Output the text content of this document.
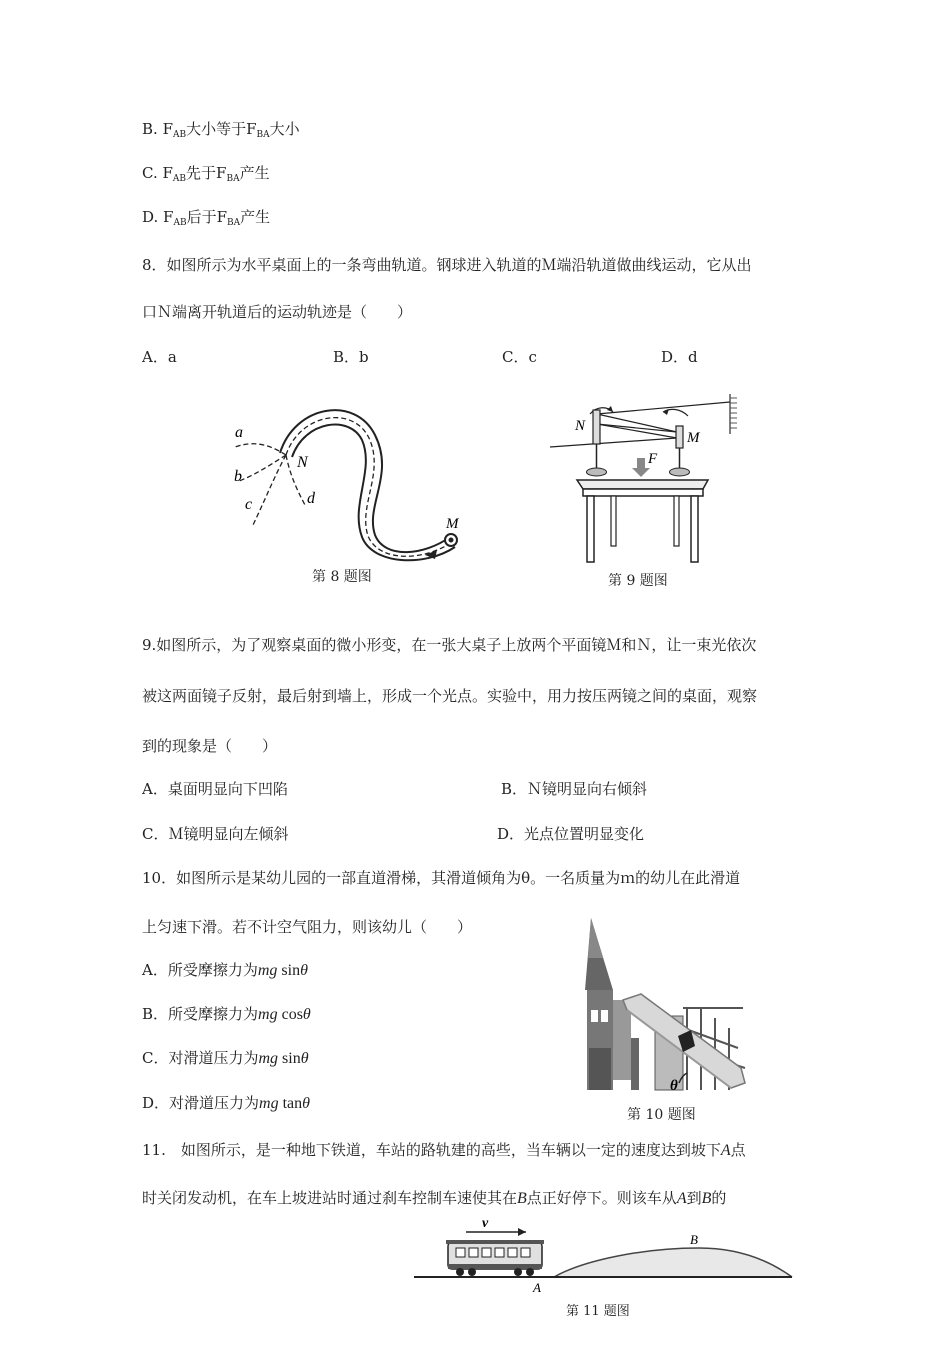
B. $F_{AB}$大小等于$F_{BA}$大小
C. $F_{AB}$先于$F_{BA}$产生
D. $F_{AB}$后于$F_{BA}$产生
8．如图所示为水平桌面上的一条弯曲轨道。钢球进入轨道的Ｍ端沿轨道做曲线运动，它从出
口Ｎ端离开轨道后的运动轨迹是（　　）
A．a	B．b	C．c	D．d
a
b
c	d
N
M
第 8 题图
N
M
F
第 9 题图
9.如图所示，为了观察桌面的微小形变，在一张大桌子上放两个平面镜Ｍ和Ｎ，让一束光依次
被这两面镜子反射，最后射到墙上，形成一个光点。实验中，用力按压两镜之间的桌面，观察
到的现象是（　　）
A．桌面明显向下凹陷	B．Ｎ镜明显向右倾斜
C．Ｍ镜明显向左倾斜	D．光点位置明显变化
10．如图所示是某幼儿园的一部直道滑梯，其滑道倾角为θ。一名质量为ｍ的幼儿在此滑道
上匀速下滑。若不计空气阻力，则该幼儿（　　）
A．所受摩擦力为mg sinθ
B．所受摩擦力为mg cosθ
C．对滑道压力为mg sinθ
D．对滑道压力为mg tanθ
θ
第 10 题图
11.　如图所示，是一种地下铁道，车站的路轨建的高些，当车辆以一定的速度达到坡下A点
时关闭发动机，在车上坡进站时通过刹车控制车速使其在B点正好停下。则该车从A到B的
v
A
B
第 11 题图
